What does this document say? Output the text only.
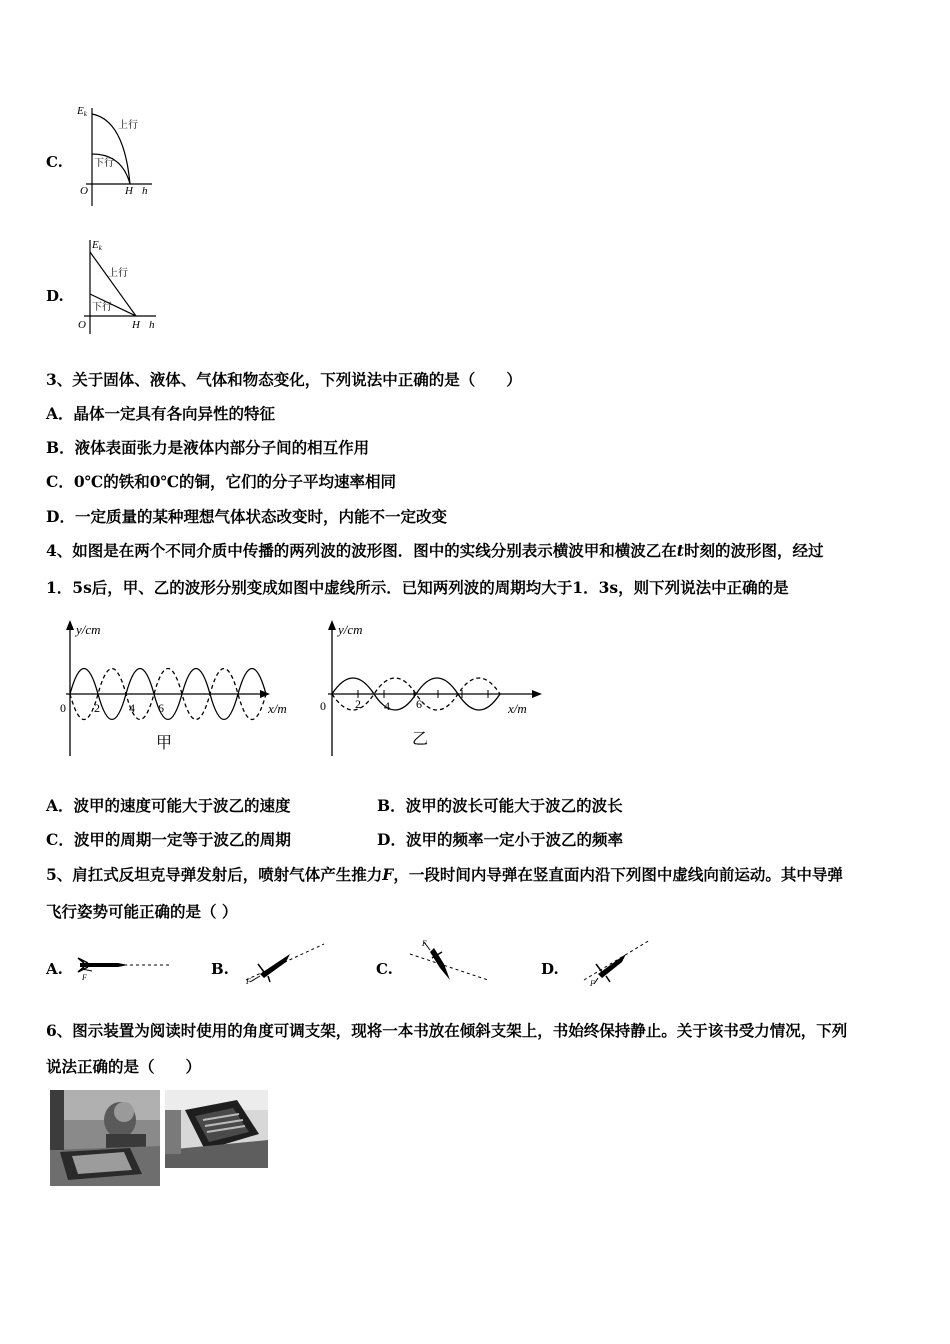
C.
Ek
上行
下行
O	H h
D.
Ek
上行
下行
O	H h
3、关于固体、液体、气体和物态变化，下列说法中正确的是（　　）
A．晶体一定具有各向异性的特征
B．液体表面张力是液体内部分子间的相互作用
C．0℃的铁和0℃的铜，它们的分子平均速率相同
D．一定质量的某种理想气体状态改变时，内能不一定改变
4、如图是在两个不同介质中传播的两列波的波形图．图中的实线分别表示横波甲和横波乙在t时刻的波形图，经过
1．5s后，甲、乙的波形分别变成如图中虚线所示．已知两列波的周期均大于1．3s，则下列说法中正确的是
y/cm
x/m
0 2 4 6
甲
y/cm
x/m
0 2 4 6
乙
A．波甲的速度可能大于波乙的速度	B．波甲的波长可能大于波乙的波长
C．波甲的周期一定等于波乙的周期	D．波甲的频率一定小于波乙的频率
5、肩扛式反坦克导弹发射后，喷射气体产生推力F，一段时间内导弹在竖直面内沿下列图中虚线向前运动。其中导弹
飞行姿势可能正确的是（ ）
A. F	B.
F
C.
F
D.
F
6、图示装置为阅读时使用的角度可调支架，现将一本书放在倾斜支架上，书始终保持静止。关于该书受力情况，下列
说法正确的是（　　）
